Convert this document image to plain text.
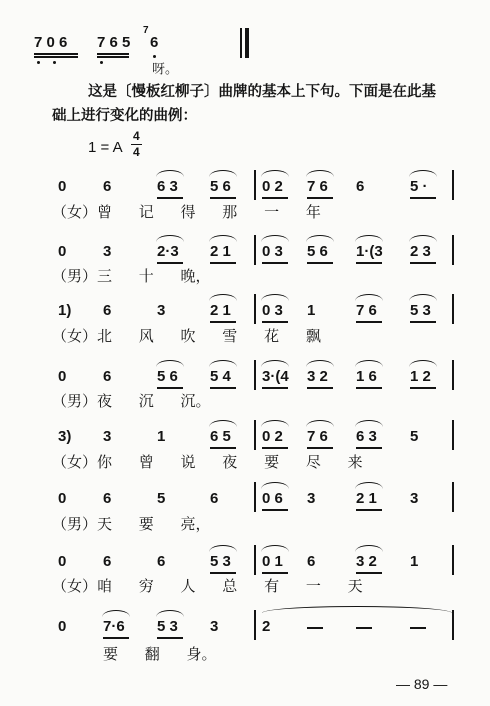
7 0 6 7 6 5
7
6
呀。
这是〔慢板红柳子〕曲牌的基本上下句。下面是在此基
础上进行变化的曲例：
1 = A
4
4
0 6	6 3 5 6 0 2 7 6 6	5 ·
（女）曾 记 得 那 一 年
0 3	2·3 2 1 0 3 5 6 1·(3 2 3
（男）三 十 晚，
1) 6	3	2 1 0 3 1	7 6 5 3
（女）北 风 吹 雪 花 飘
0 6	5 6 5 4 3·(4 3 2 1 6 1 2
（男）夜 沉 沉。
3) 3	1	6 5 0 2 7 6 6 3 5
（女）你 曾 说 夜 要 尽 来
0 6	5	6	0 6 3	2 1 3
（男）天 要 亮，
0 6	6	5 3 0 1 6	3 2 1
（女）咱 穷 人 总 有 一 天
0 7·6 5 3 3	2
要 翻 身。
— 89 —
